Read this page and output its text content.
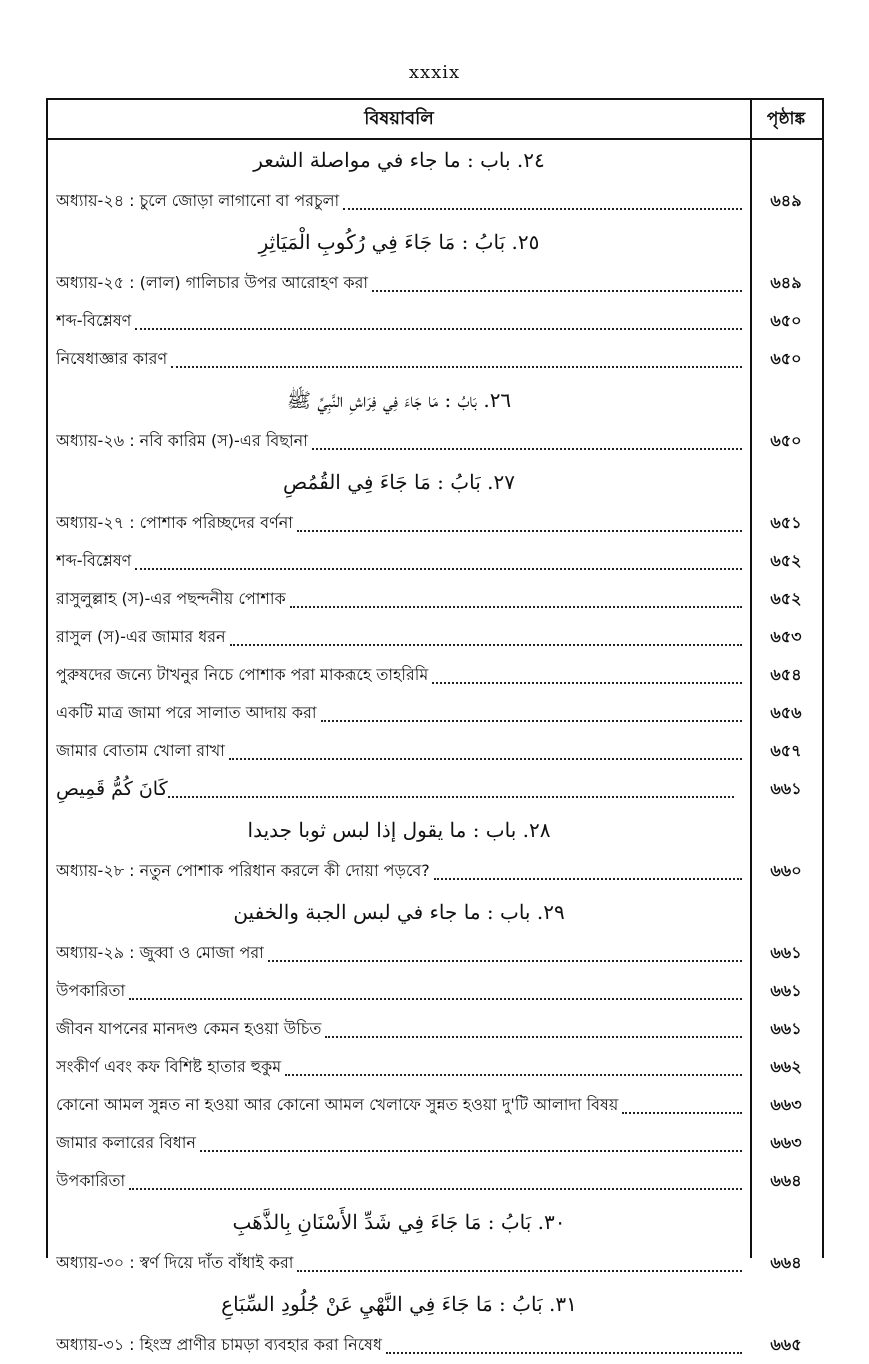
xxxix
বিষয়াবলি	পৃষ্ঠাঙ্ক
٢٤. باب : ما جاء في مواصلة الشعر
অধ্যায়-২৪ : চুলে জোড়া লাগানো বা পরচুলা	৬৪৯
٢٥. بَابُ : مَا جَاءَ فِي رُكُوبِ الْمَيَاثِرِ
অধ্যায়-২৫ : (লাল) গালিচার উপর আরোহণ করা	৬৪৯
শব্দ-বিশ্লেষণ	৬৫০
নিষেধাজ্ঞার কারণ	৬৫০
٢٦. بَابُ : مَا جَاءَ فِي فِرَاشِ النَّبِيِّ ﷺ
অধ্যায়-২৬ : নবি কারিম (স)-এর বিছানা	৬৫০
٢٧. بَابُ : مَا جَاءَ فِي القُمُصِ
অধ্যায়-২৭ : পোশাক পরিচ্ছদের বর্ণনা	৬৫১
শব্দ-বিশ্লেষণ	৬৫২
রাসুলুল্লাহ (স)-এর পছন্দনীয় পোশাক	৬৫২
রাসুল (স)-এর জামার ধরন	৬৫৩
পুরুষদের জন্যে টাখনুর নিচে পোশাক পরা মাকরূহে তাহরিমি	৬৫৪
একটি মাত্র জামা পরে সালাত আদায় করা	৬৫৬
জামার বোতাম খোলা রাখা	৬৫৭
كَانَ كُمُّ قَمِيصِ	৬৬১
٢٨. باب : ما يقول إذا لبس ثوبا جديدا
অধ্যায়-২৮ : নতুন পোশাক পরিধান করলে কী দোয়া পড়বে?	৬৬০
٢٩. باب : ما جاء في لبس الجبة والخفين
অধ্যায়-২৯ : জুব্বা ও মোজা পরা	৬৬১
উপকারিতা	৬৬১
জীবন যাপনের মানদণ্ড কেমন হওয়া উচিত	৬৬১
সংকীর্ণ এবং কফ বিশিষ্ট হাতার হুকুম	৬৬২
কোনো আমল সুন্নত না হওয়া আর কোনো আমল খেলাফে সুন্নত হওয়া দু'টি আলাদা বিষয়	৬৬৩
জামার কলারের বিধান	৬৬৩
উপকারিতা	৬৬৪
٣٠. بَابُ : مَا جَاءَ فِي شَدِّ الأَسْنَانِ بِالذَّهَبِ
অধ্যায়-৩০ : স্বর্ণ দিয়ে দাঁত বাঁধাই করা	৬৬৪
٣١. بَابُ : مَا جَاءَ فِي النَّهْيِ عَنْ جُلُودِ السِّبَاعِ
অধ্যায়-৩১ : হিংস্র প্রাণীর চামড়া ব্যবহার করা নিষেধ	৬৬৫
